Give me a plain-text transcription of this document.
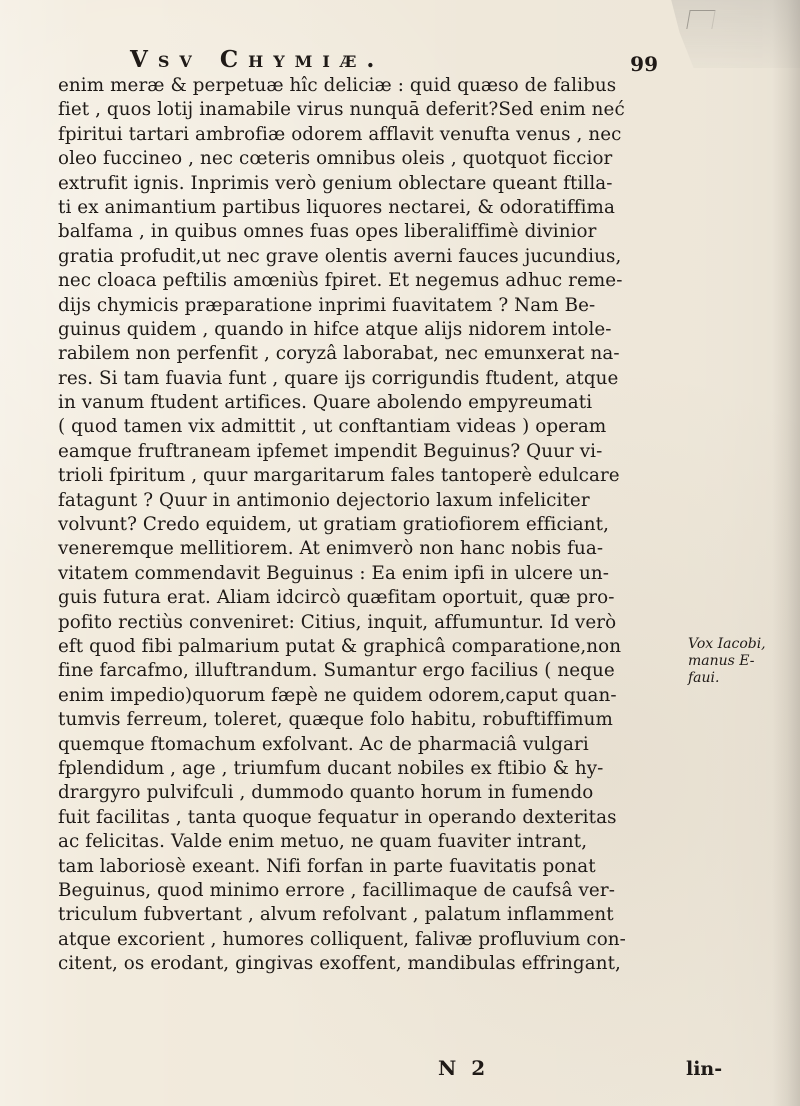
Vsv Chymiæ.	99
enim meræ & perpetuæ hîc deliciæ : quid quæso de falibus
fiet , quos lotij inamabile virus nunquā deferit?Sed enim neć
fpiritui tartari ambrofiæ odorem afflavit venufta venus , nec
oleo fuccineo , nec cœteris omnibus oleis , quotquot ficcior
extrufit ignis. Inprimis verò genium oblectare queant ftilla-
ti ex animantium partibus liquores nectarei, & odoratiffima
balfama , in quibus omnes fuas opes liberaliffimè divinior
gratia profudit,ut nec grave olentis averni fauces jucundius,
nec cloaca peftilis amœniùs fpiret. Et negemus adhuc reme-
dijs chymicis præparatione inprimi fuavitatem ? Nam Be-
guinus quidem , quando in hifce atque alijs nidorem intole-
rabilem non perfenfit , coryzâ laborabat, nec emunxerat na-
res. Si tam fuavia funt , quare ijs corrigundis ftudent, atque
in vanum ftudent artifices. Quare abolendo empyreumati
( quod tamen vix admittit , ut conftantiam videas ) operam
eamque fruftraneam ipfemet impendit Beguinus? Quur vi-
trioli fpiritum , quur margaritarum fales tantoperè edulcare
fatagunt ? Quur in antimonio dejectorio laxum infeliciter
volvunt? Credo equidem, ut gratiam gratiofiorem efficiant,
veneremque mellitiorem. At enimverò non hanc nobis fua-
vitatem commendavit Beguinus : Ea enim ipfi in ulcere un-
guis futura erat. Aliam idcircò quæfitam oportuit, quæ pro-
pofito rectiùs conveniret: Citius, inquit, affumuntur. Id verò
eft quod fibi palmarium putat & graphicâ comparatione,non
fine farcafmo, illuftrandum. Sumantur ergo facilius ( neque
enim impedio)quorum fæpè ne quidem odorem,caput quan-
tumvis ferreum, toleret, quæque folo habitu, robuftiffimum
quemque ftomachum exfolvant. Ac de pharmaciâ vulgari
fplendidum , age , triumfum ducant nobiles ex ftibio & hy-
drargyro pulvifculi , dummodo quanto horum in fumendo
fuit facilitas , tanta quoque fequatur in operando dexteritas
ac felicitas. Valde enim metuo, ne quam fuaviter intrant,
tam laboriosè exeant. Nifi forfan in parte fuavitatis ponat
Beguinus, quod minimo errore , facillimaque de caufsâ ver-
triculum fubvertant , alvum refolvant , palatum inflamment
atque excorient , humores colliquent, falivæ profluvium con-
citent, os erodant, gingivas exoffent, mandibulas effringant,
Vox Iacobi,
manus E-
faui.
N 2	lin-
